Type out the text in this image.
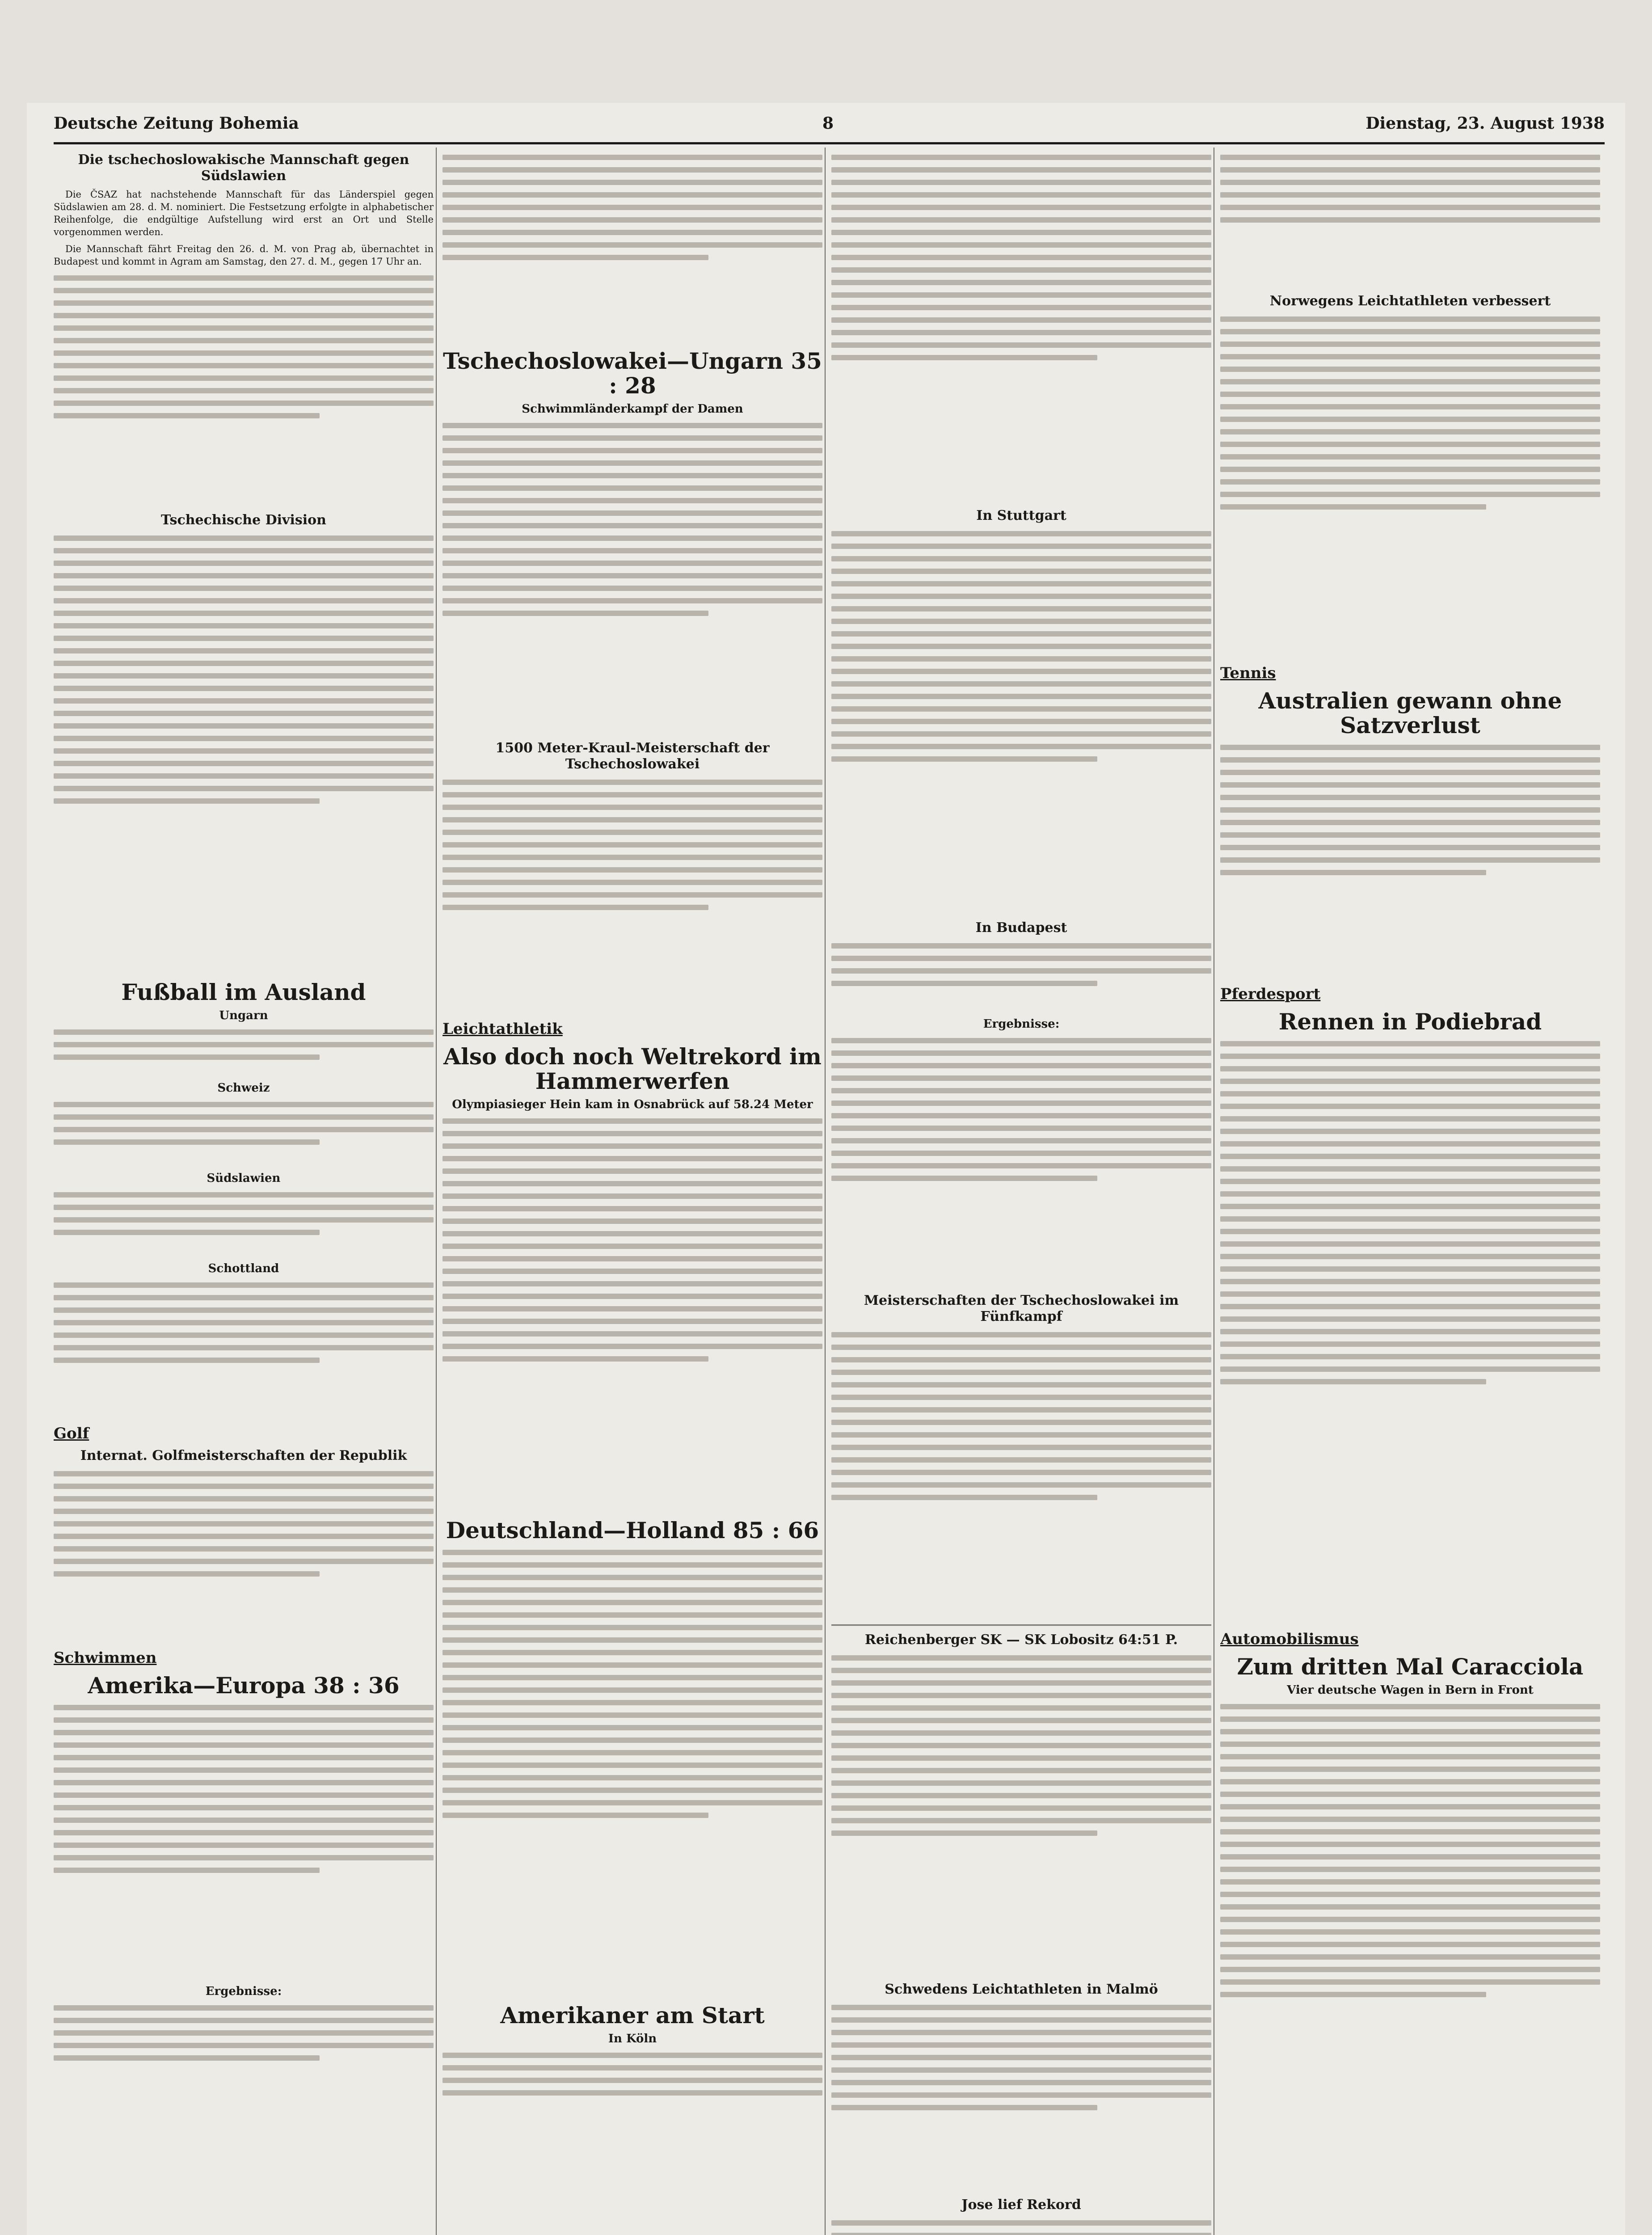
Deutsche Zeitung Bohemia	8	Dienstag, 23. August 1938
Die tschechoslowakische Mannschaft gegen Südslawien

Die ČSAZ hat nachstehende Mannschaft für das Länderspiel gegen Südslawien am 28. d. M. nominiert. Die Festsetzung erfolgte in alphabetischer Reihenfolge, die endgültige Aufstellung wird erst an Ort und Stelle vorgenommen werden.

Die Mannschaft fährt Freitag den 26. d. M. von Prag ab, übernachtet in Budapest und kommt in Agram am Samstag, den 27. d. M., gegen 17 Uhr an.

Tschechische Division
Fußball im Ausland
Ungarn
Schweiz
Südslawien
Schottland
Golf
Internat. Golfmeisterschaften der Republik
Schwimmen
Amerika—Europa 38 : 36
Ergebnisse:
Tschechoslowakei—Ungarn 35 : 28
Schwimmländerkampf der Damen
1500 Meter-Kraul-Meisterschaft der Tschechoslowakei
Leichtathletik
Also doch noch Weltrekord im Hammerwerfen
Olympiasieger Hein kam in Osnabrück auf 58.24 Meter
Deutschland—Holland 85 : 66
Amerikaner am Start
In Köln
In Stuttgart
In Budapest
Ergebnisse:
Meisterschaften der Tschechoslowakei im Fünfkampf
Reichenberger SK — SK Lobositz 64:51 P.
Schwedens Leichtathleten in Malmö
Jose lief Rekord
Norwegens Leichtathleten verbessert
Tennis
Australien gewann ohne Satzverlust
Pferdesport
Rennen in Podiebrad
Automobilismus
Zum dritten Mal Caracciola
Vier deutsche Wagen in Bern in Front
